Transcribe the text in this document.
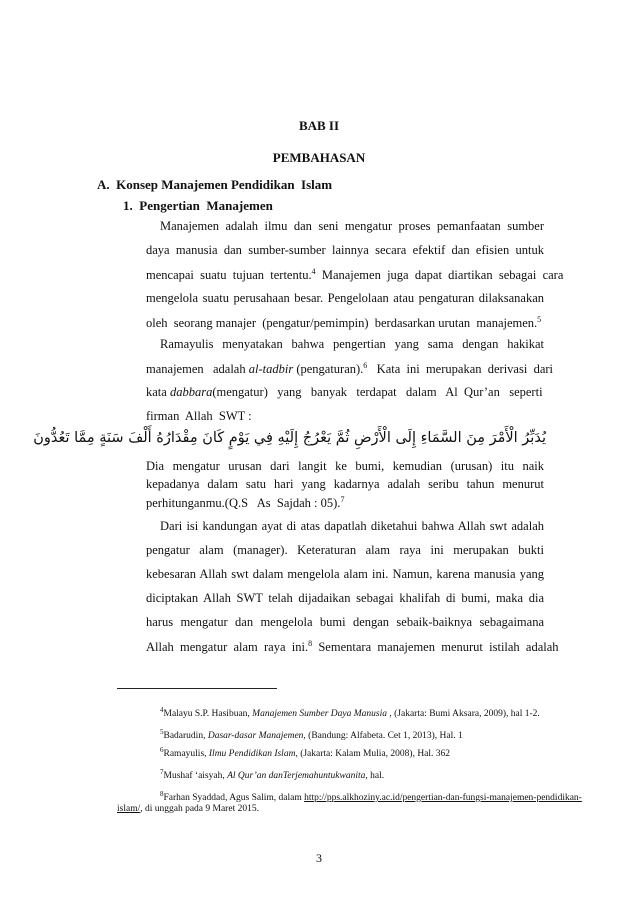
BAB II
PEMBAHASAN
A.  Konsep Manajemen Pendidikan  Islam
1.  Pengertian  Manajemen
Manajemen adalah ilmu dan seni mengatur proses pemanfaatan sumber
daya manusia dan sumber-sumber lainnya secara efektif dan efisien untuk
mencapai  suatu  tujuan  tertentu.$^4$  Manajemen  juga  dapat  diartikan  sebagai  cara
mengelola suatu perusahaan besar. Pengelolaan atau pengaturan dilaksanakan
oleh  seorang manajer  (pengatur/pemimpin)  berdasarkan urutan  manajemen.$^5$
Ramayulis menyatakan bahwa pengertian yang sama dengan hakikat
manajemen   adalah al-tadbir (pengaturan).$^6$   Kata  ini  merupakan  derivasi  dari
kata dabbara(mengatur)   yang   banyak   terdapat   dalam   Al  Qur’an   seperti
firman  Allah  SWT :
يُدَبِّرُ الْأَمْرَ مِنَ السَّمَاءِ إِلَى الْأَرْضِ ثُمَّ يَعْرُجُ إِلَيْهِ فِي يَوْمٍ كَانَ مِقْدَارُهُ أَلْفَ سَنَةٍ مِمَّا تَعُدُّونَ
Dia mengatur urusan dari langit ke bumi, kemudian (urusan) itu naik
kepadanya dalam satu hari yang kadarnya adalah seribu tahun menurut
perhitunganmu.(Q.S   As  Sajdah : 05).$^7$
Dari isi kandungan ayat di atas dapatlah diketahui bahwa Allah swt adalah
pengatur alam (manager). Keteraturan alam raya ini merupakan bukti
kebesaran Allah swt dalam mengelola alam ini. Namun, karena manusia yang
diciptakan Allah SWT telah dijadaikan sebagai khalifah di bumi, maka dia
harus mengatur dan mengelola bumi dengan sebaik-baiknya sebagaimana
Allah  mengatur  alam  raya  ini.$^8$  Sementara  manajemen  menurut  istilah  adalah
$^4$Malayu S.P. Hasibuan, Manajemen Sumber Daya Manusia , (Jakarta: Bumi Aksara, 2009), hal 1-2.
$^5$Badarudin, Dasar-dasar Manajemen, (Bandung: Alfabeta. Cet 1, 2013), Hal. 1
$^6$Ramayulis, Ilmu Pendidikan Islam, (Jakarta: Kalam Mulia, 2008), Hal. 362
$^7$Mushaf ‘aisyah, Al Qur’an danTerjemahuntukwanita, hal.
$^8$Farhan Syaddad, Agus Salim, dalam http://pps.alkhoziny.ac.id/pengertian-dan-fungsi-manajemen-pendidikan-
islam/, di unggah pada 9 Maret 2015.
3
